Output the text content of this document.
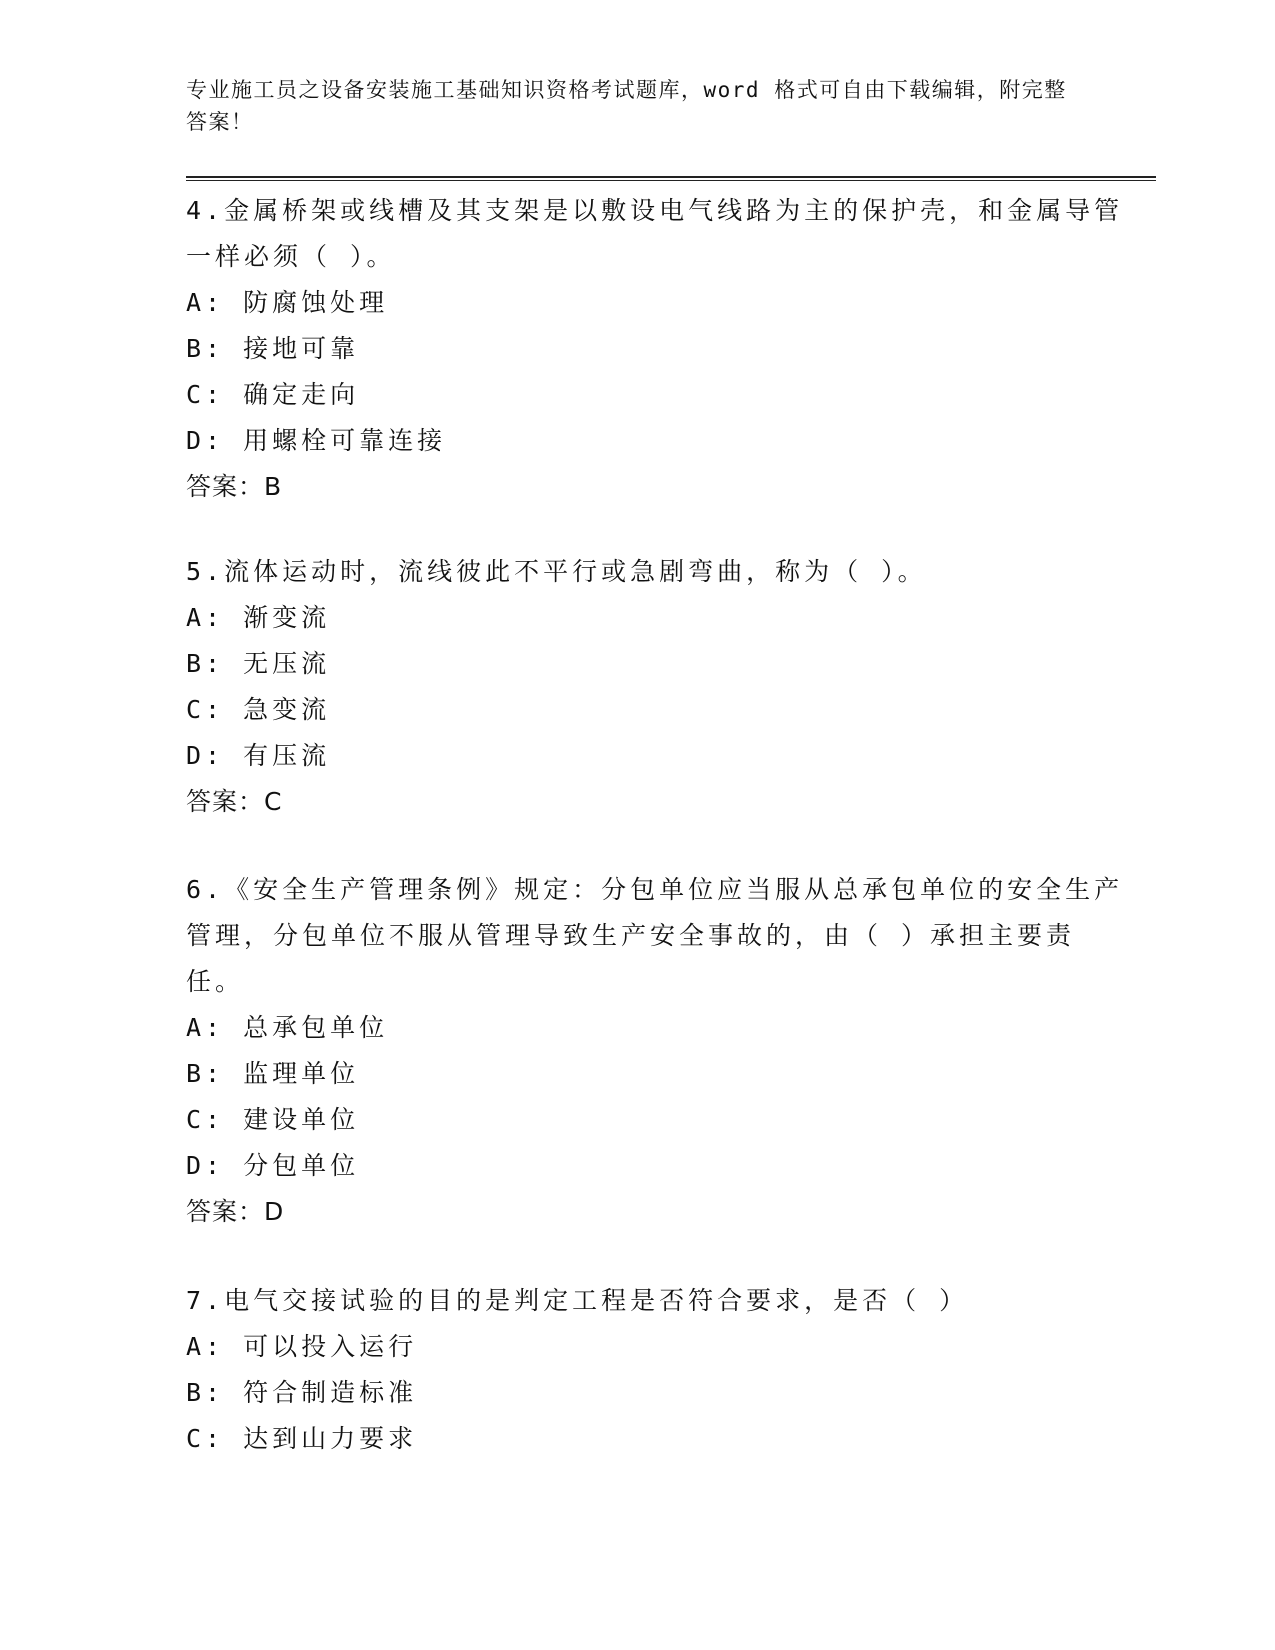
专业施工员之设备安装施工基础知识资格考试题库，word 格式可自由下载编辑，附完整答案！

4.金属桥架或线槽及其支架是以敷设电气线路为主的保护壳，和金属导管一样必须（ ）。

A: 防腐蚀处理

B: 接地可靠

C: 确定走向

D: 用螺栓可靠连接

答案：B

5.流体运动时，流线彼此不平行或急剧弯曲，称为（ ）。

A: 渐变流

B: 无压流

C: 急变流

D: 有压流

答案：C

6.《安全生产管理条例》规定：分包单位应当服从总承包单位的安全生产管理，分包单位不服从管理导致生产安全事故的，由（ ）承担主要责任。

A: 总承包单位

B: 监理单位

C: 建设单位

D: 分包单位

答案：D

7.电气交接试验的目的是判定工程是否符合要求，是否（ ）

A: 可以投入运行

B: 符合制造标准

C: 达到山力要求
